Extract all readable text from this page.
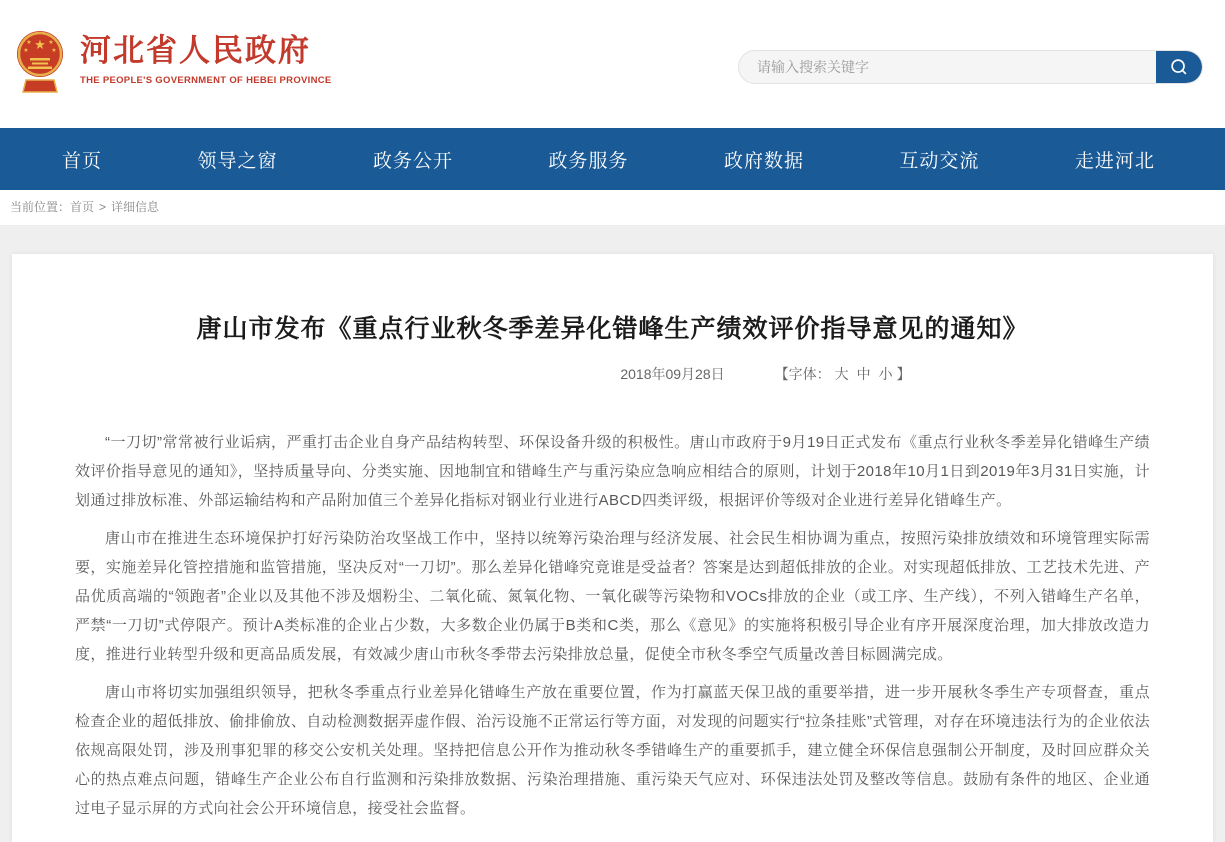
★
★	★
★	★ 河北省人民政府
THE PEOPLE'S GOVERNMENT OF HEBEI PROVINCE
请输入搜索关键字
首页	领导之窗	政务公开	政务服务	政府数据	互动交流	走进河北
当前位置：首页 > 详细信息
唐山市发布《重点行业秋冬季差异化错峰生产绩效评价指导意见的通知》
2018年09月28日	【字体： 大 中 小 】

“一刀切”常常被行业诟病，严重打击企业自身产品结构转型、环保设备升级的积极性。唐山市政府于9月19日正式发布《重点行业秋冬季差异化错峰生产绩效评价指导意见的通知》，坚持质量导向、分类实施、因地制宜和错峰生产与重污染应急响应相结合的原则，计划于2018年10月1日到2019年3月31日实施，计划通过排放标准、外部运输结构和产品附加值三个差异化指标对钢业行业进行ABCD四类评级，根据评价等级对企业进行差异化错峰生产。

唐山市在推进生态环境保护打好污染防治攻坚战工作中，坚持以统筹污染治理与经济发展、社会民生相协调为重点，按照污染排放绩效和环境管理实际需要，实施差异化管控措施和监管措施，坚决反对“一刀切”。那么差异化错峰究竟谁是受益者？答案是达到超低排放的企业。对实现超低排放、工艺技术先进、产品优质高端的“领跑者”企业以及其他不涉及烟粉尘、二氧化硫、氮氧化物、一氧化碳等污染物和VOCs排放的企业（或工序、生产线），不列入错峰生产名单，严禁“一刀切”式停限产。预计A类标准的企业占少数，大多数企业仍属于B类和C类，那么《意见》的实施将积极引导企业有序开展深度治理，加大排放改造力度，推进行业转型升级和更高品质发展，有效减少唐山市秋冬季带去污染排放总量，促使全市秋冬季空气质量改善目标圆满完成。

唐山市将切实加强组织领导，把秋冬季重点行业差异化错峰生产放在重要位置，作为打赢蓝天保卫战的重要举措，进一步开展秋冬季生产专项督查，重点检查企业的超低排放、偷排偷放、自动检测数据弄虚作假、治污设施不正常运行等方面，对发现的问题实行“拉条挂账”式管理，对存在环境违法行为的企业依法依规高限处罚，涉及刑事犯罪的移交公安机关处理。坚持把信息公开作为推动秋冬季错峰生产的重要抓手，建立健全环保信息强制公开制度，及时回应群众关心的热点难点问题，错峰生产企业公布自行监测和污染排放数据、污染治理措施、重污染天气应对、环保违法处罚及整改等信息。鼓励有条件的地区、企业通过电子显示屏的方式向社会公开环境信息，接受社会监督。
